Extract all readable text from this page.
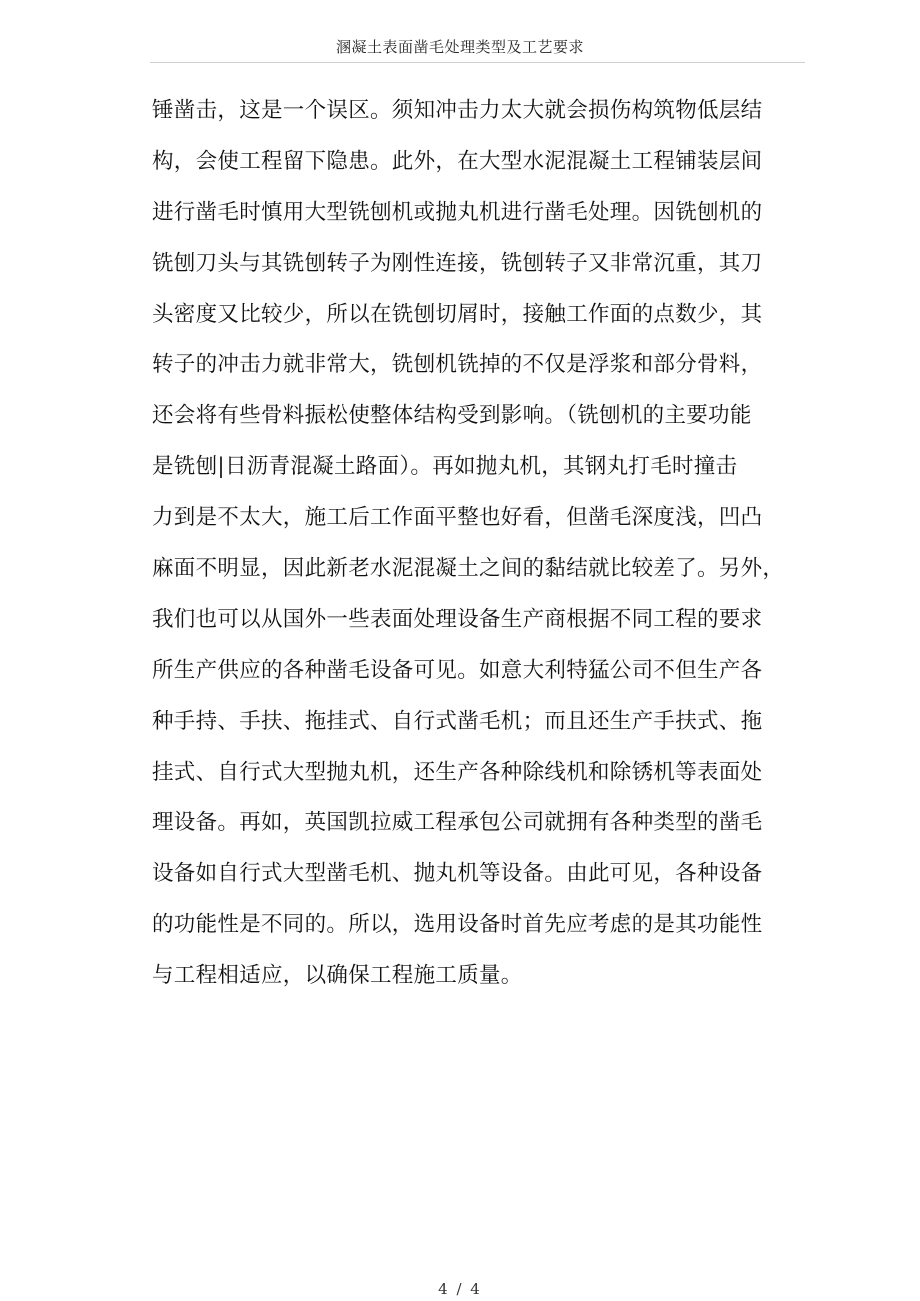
溷凝土表面凿毛处理类型及工艺要求
锤凿击，这是一个误区。须知冲击力太大就会损伤构筑物低层结
构，会使工程留下隐患。此外，在大型水泥混凝土工程铺装层间
进行凿毛时慎用大型铣刨机或抛丸机进行凿毛处理。因铣刨机的
铣刨刀头与其铣刨转子为刚性连接，铣刨转子又非常沉重，其刀
头密度又比较少，所以在铣刨切屑时，接触工作面的点数少，其
转子的冲击力就非常大，铣刨机铣掉的不仅是浮浆和部分骨料，
还会将有些骨料振松使整体结构受到影响。（铣刨机的主要功能
是铣刨|日沥青混凝土路面）。再如抛丸机，其钢丸打毛时撞击
力到是不太大，施工后工作面平整也好看，但凿毛深度浅，凹凸
麻面不明显，因此新老水泥混凝土之间的黏结就比较差了。另外，
我们也可以从国外一些表面处理设备生产商根据不同工程的要求
所生产供应的各种凿毛设备可见。如意大利特猛公司不但生产各
种手持、手扶、拖挂式、自行式凿毛机；而且还生产手扶式、拖
挂式、自行式大型抛丸机，还生产各种除线机和除锈机等表面处
理设备。再如，英国凯拉威工程承包公司就拥有各种类型的凿毛
设备如自行式大型凿毛机、抛丸机等设备。由此可见，各种设备
的功能性是不同的。所以，选用设备时首先应考虑的是其功能性
与工程相适应，以确保工程施工质量。
4 / 4
